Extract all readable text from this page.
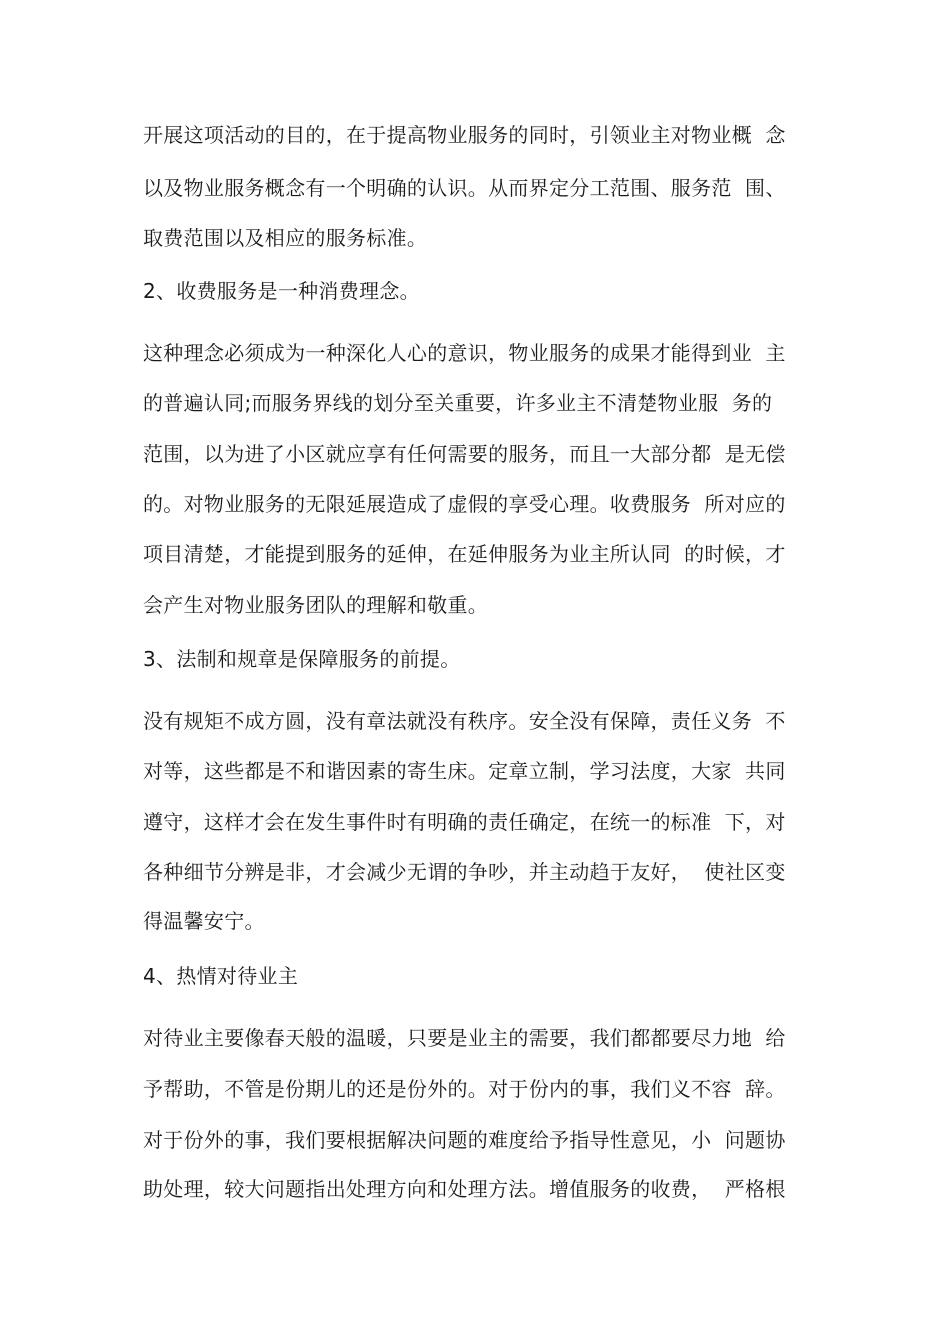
开展这项活动的目的，在于提高物业服务的同时，引领业主对物业概  念
以及物业服务概念有一个明确的认识。从而界定分工范围、服务范  围、
取费范围以及相应的服务标准。
2、收费服务是一种消费理念。
这种理念必须成为一种深化人心的意识，物业服务的成果才能得到业  主
的普遍认同;而服务界线的划分至关重要，许多业主不清楚物业服  务的
范围，以为进了小区就应享有任何需要的服务，而且一大部分都  是无偿
的。对物业服务的无限延展造成了虚假的享受心理。收费服务  所对应的
项目清楚，才能提到服务的延伸，在延伸服务为业主所认同  的时候，才
会产生对物业服务团队的理解和敬重。
3、法制和规章是保障服务的前提。
没有规矩不成方圆，没有章法就没有秩序。安全没有保障，责任义务  不
对等，这些都是不和谐因素的寄生床。定章立制，学习法度，大家  共同
遵守，这样才会在发生事件时有明确的责任确定，在统一的标准  下，对
各种细节分辨是非，才会减少无谓的争吵，并主动趋于友好，  使社区变
得温馨安宁。
4、热情对待业主
对待业主要像春天般的温暖，只要是业主的需要，我们都都要尽力地  给
予帮助，不管是份期儿的还是份外的。对于份内的事，我们义不容  辞。
对于份外的事，我们要根据解决问题的难度给予指导性意见，小  问题协
助处理，较大问题指出处理方向和处理方法。增值服务的收费，  严格根
